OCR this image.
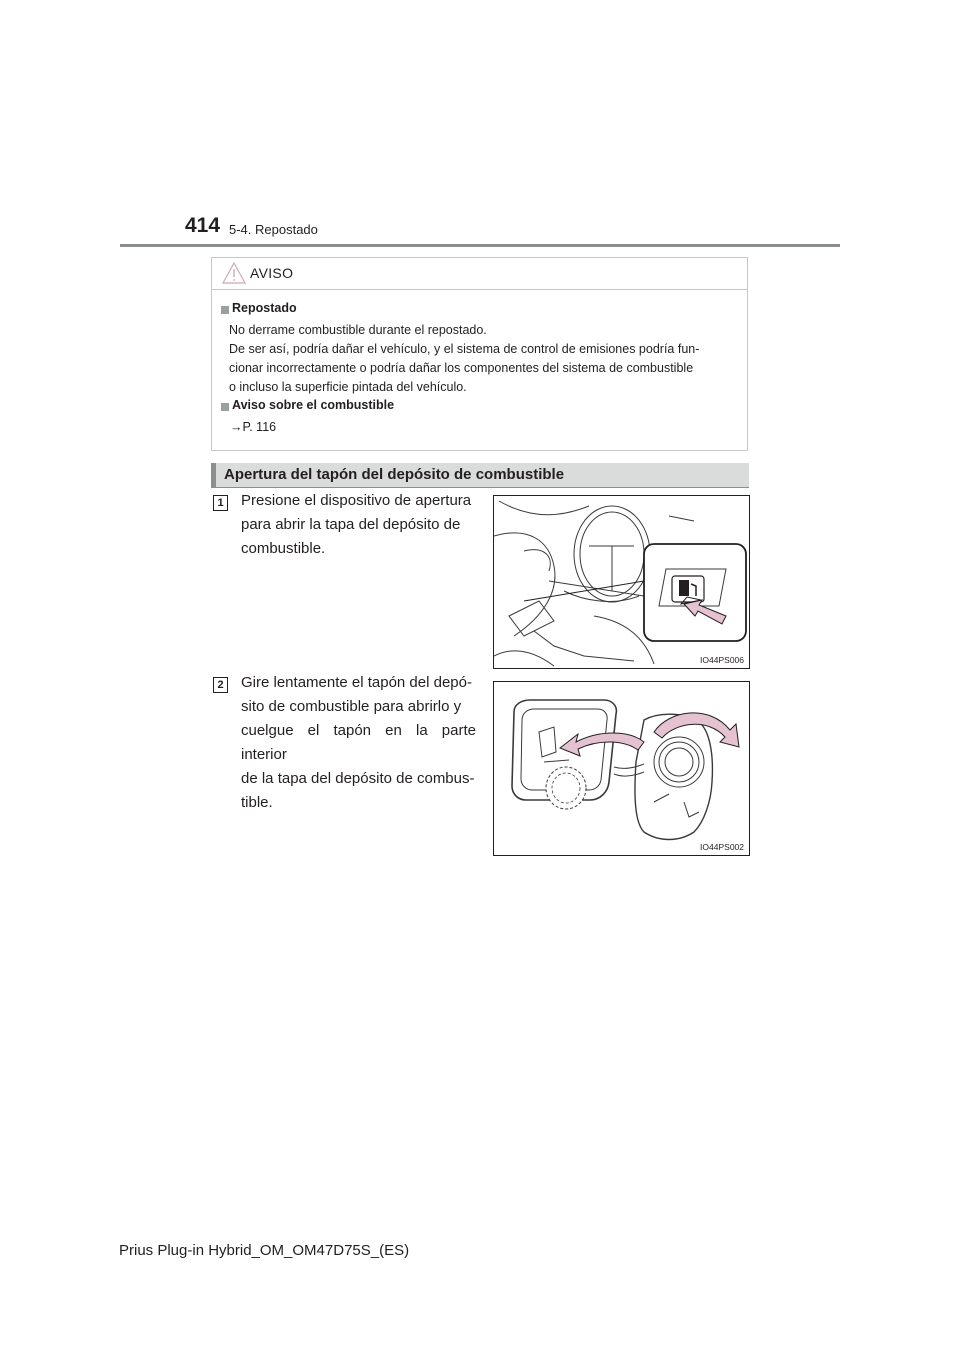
414 5-4. Repostado
AVISO
Repostado
No derrame combustible durante el repostado.
De ser así, podría dañar el vehículo, y el sistema de control de emisiones podría fun-
cionar incorrectamente o podría dañar los componentes del sistema de combustible
o incluso la superficie pintada del vehículo.
Aviso sobre el combustible
→P. 116
Apertura del tapón del depósito de combustible
1 Presione el dispositivo de apertura
para abrir la tapa del depósito de
combustible.
IO44PS006
2 Gire lentamente el tapón del depó-
sito de combustible para abrirlo y
cuelgue el tapón en la parte interior
de la tapa del depósito de combus-
tible.
IO44PS002
Prius Plug-in Hybrid_OM_OM47D75S_(ES)
